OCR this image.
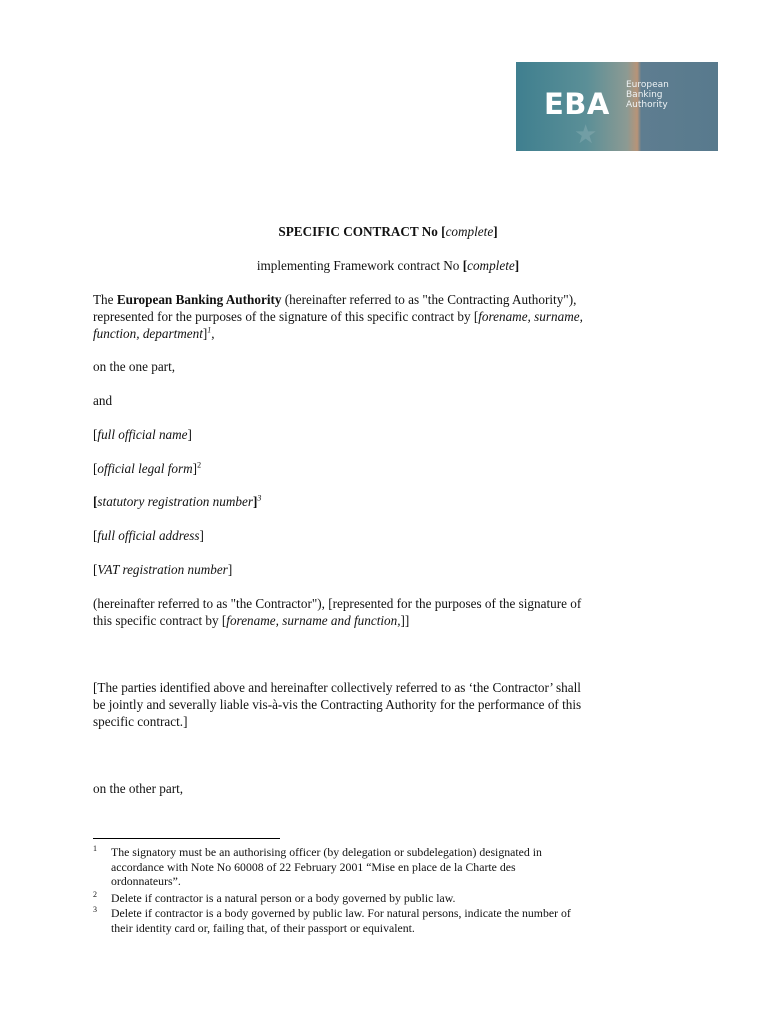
★
EBA
European
Banking
Authority
SPECIFIC CONTRACT No [complete]
implementing Framework contract No [complete]
The European Banking Authority (hereinafter referred to as "the Contracting Authority"),
represented for the purposes of the signature of this specific contract by [forename, surname,
function, department]$^1$,
on the one part,
and
[full official name]
[official legal form]$^2$
[statutory registration number]$^3$
[full official address]
[VAT registration number]
(hereinafter referred to as "the Contractor"), [represented for the purposes of the signature of
this specific contract by [forename, surname and function,]]
[The parties identified above and hereinafter collectively referred to as ‘the Contractor’ shall
be jointly and severally liable vis-à-vis the Contracting Authority for the performance of this
specific contract.]
on the other part,
1 The signatory must be an authorising officer (by delegation or subdelegation) designated in
accordance with Note No 60008 of 22 February 2001 “Mise en place de la Charte des
ordonnateurs”.
2 Delete if contractor is a natural person or a body governed by public law.
3 Delete if contractor is a body governed by public law. For natural persons, indicate the number of
their identity card or, failing that, of their passport or equivalent.
